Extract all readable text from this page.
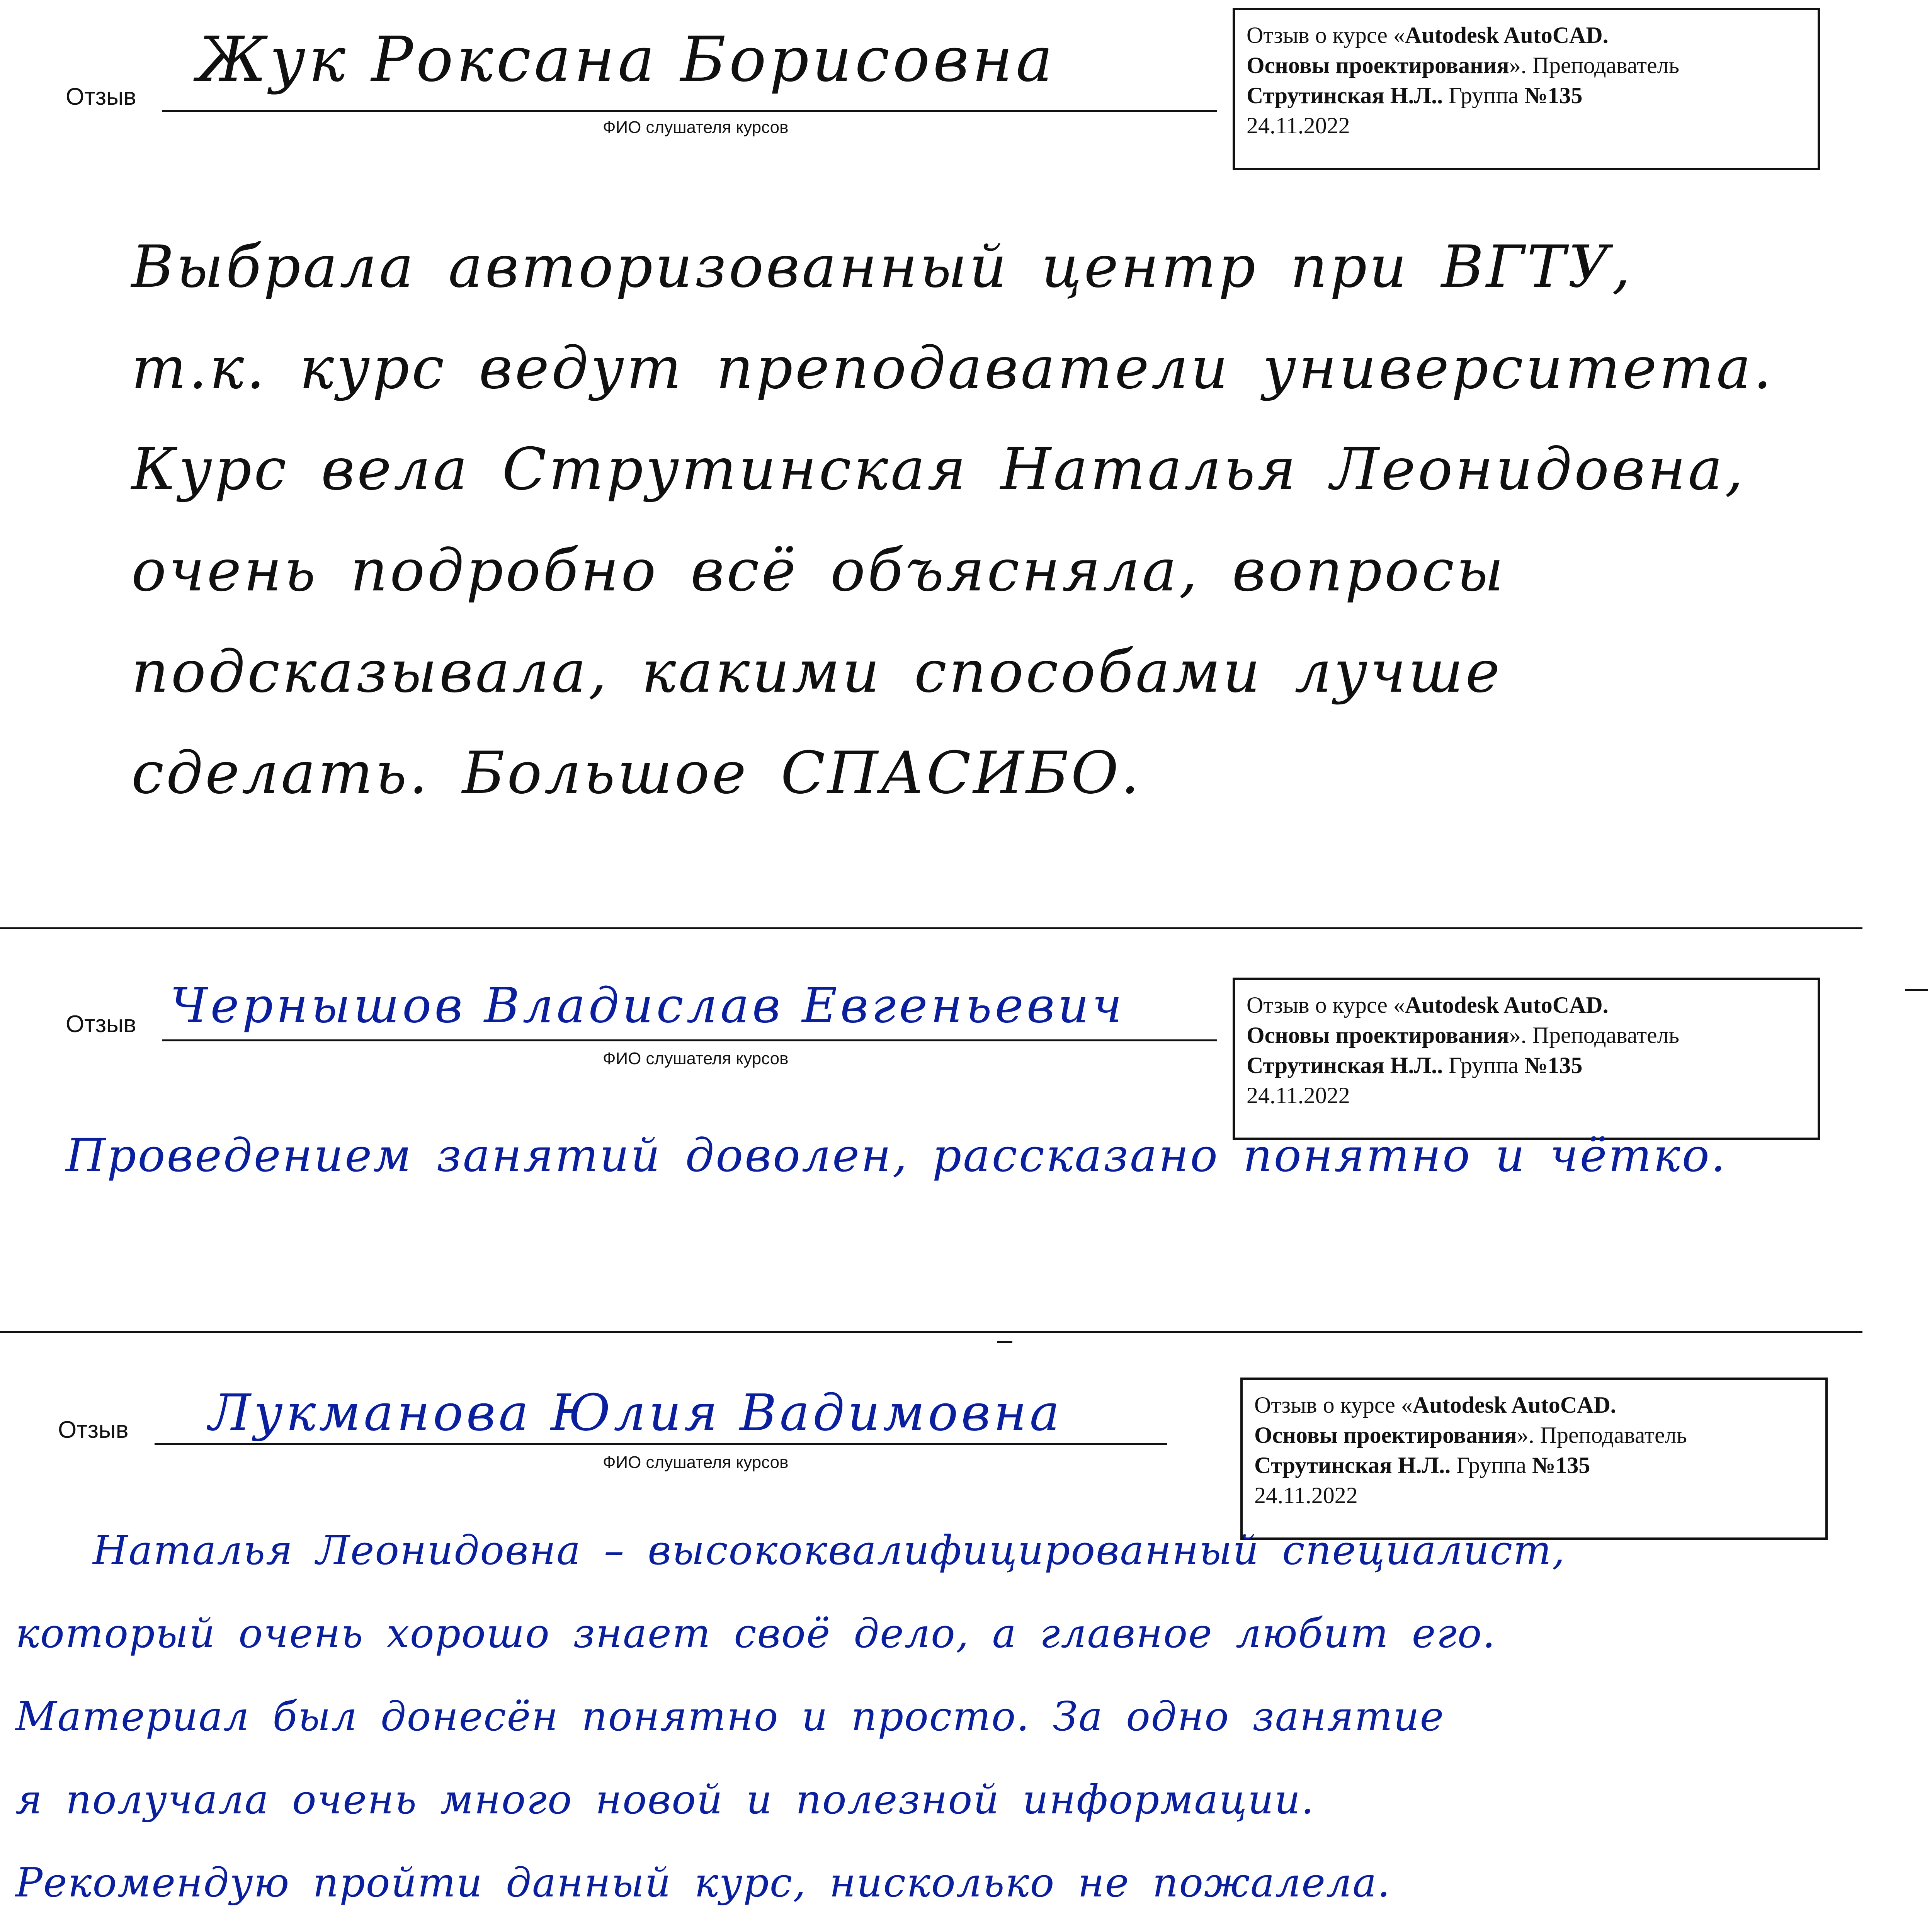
Отзыв
ФИО слушателя курсов
Жук Роксана Борисовна	Отзыв о курсе «Autodesk AutoCAD.
Основы проектирования». Преподаватель
Струтинская Н.Л.. Группа №135
24.11.2022
Выбрала авторизованный центр при ВГТУ,
т.к. курс ведут преподаватели университета.
Курс вела Струтинская Наталья Леонидовна,
очень подробно всё объясняла, вопросы
подсказывала, какими способами лучше
сделать. Большое СПАСИБО.
Отзыв
ФИО слушателя курсов
Чернышов Владислав Евгеньевич	Отзыв о курсе «Autodesk AutoCAD.
Основы проектирования». Преподаватель
Струтинская Н.Л.. Группа №135
24.11.2022
Проведением занятий доволен, рассказано понятно и чётко.
Отзыв
ФИО слушателя курсов
Лукманова Юлия Вадимовна	Отзыв о курсе «Autodesk AutoCAD.
Основы проектирования». Преподаватель
Струтинская Н.Л.. Группа №135
24.11.2022
Наталья Леонидовна – высококвалифицированный специалист,
который очень хорошо знает своё дело, а главное любит его.
Материал был донесён понятно и просто. За одно занятие
я получала очень много новой и полезной информации.
Рекомендую пройти данный курс, нисколько не пожалела.
